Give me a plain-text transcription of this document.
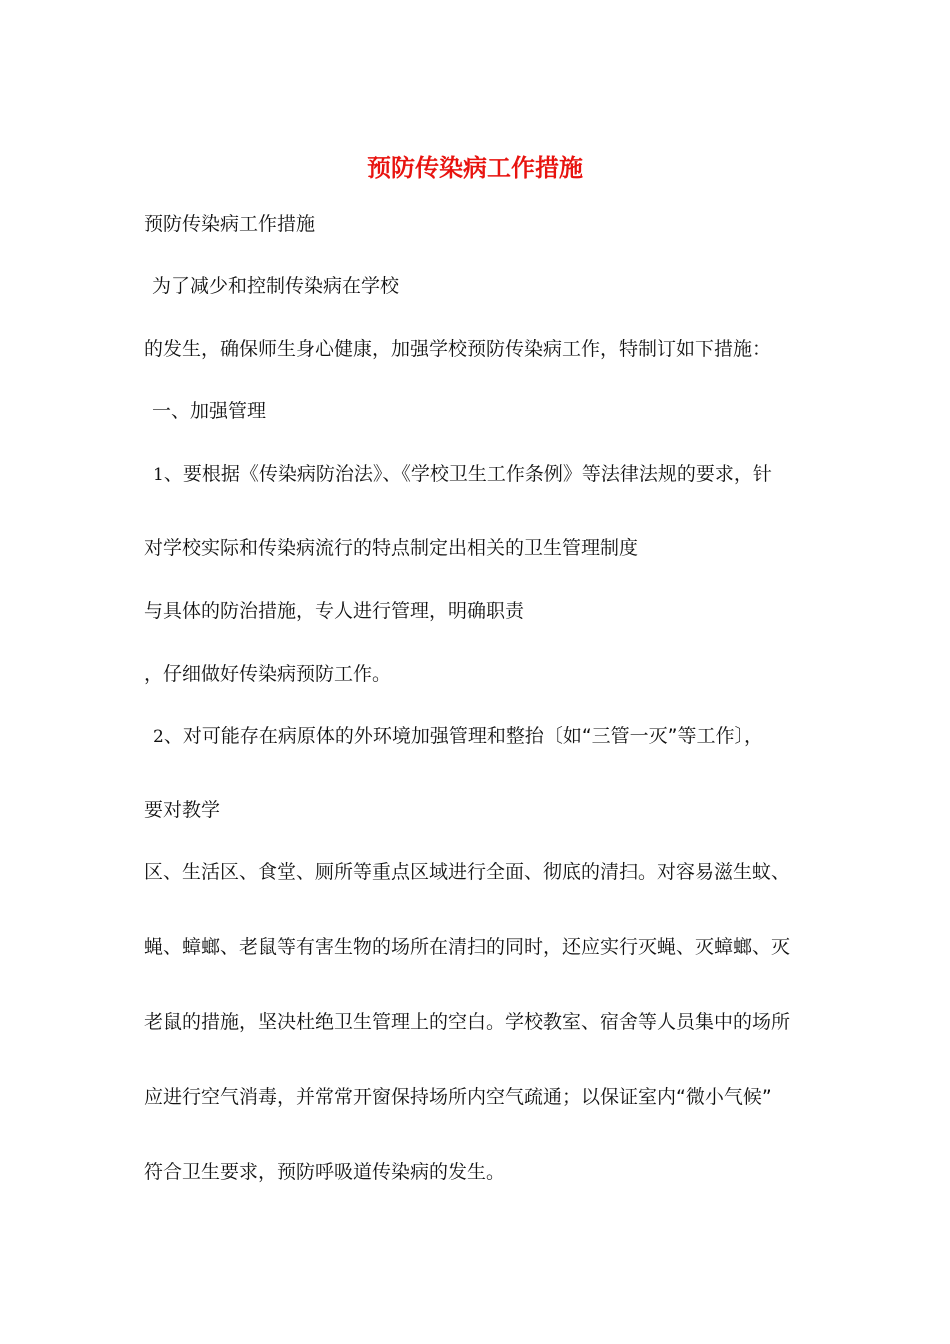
预防传染病工作措施
预防传染病工作措施
为了减少和控制传染病在学校
的发生，确保师生身心健康，加强学校预防传染病工作，特制订如下措施：
一、加强管理
1、要根据《传染病防治法》、《学校卫生工作条例》等法律法规的要求，针
对学校实际和传染病流行的特点制定出相关的卫生管理制度
与具体的防治措施，专人进行管理，明确职责
，仔细做好传染病预防工作。
2、对可能存在病原体的外环境加强管理和整抬〔如“三管一灭”等工作〕，
要对教学
区、生活区、食堂、厕所等重点区域进行全面、彻底的清扫。对容易滋生蚊、
蝇、蟑螂、老鼠等有害生物的场所在清扫的同时，还应实行灭蝇、灭蟑螂、灭
老鼠的措施，坚决杜绝卫生管理上的空白。学校教室、宿舍等人员集中的场所
应进行空气消毒，并常常开窗保持场所内空气疏通；以保证室内“微小气候”
符合卫生要求，预防呼吸道传染病的发生。
